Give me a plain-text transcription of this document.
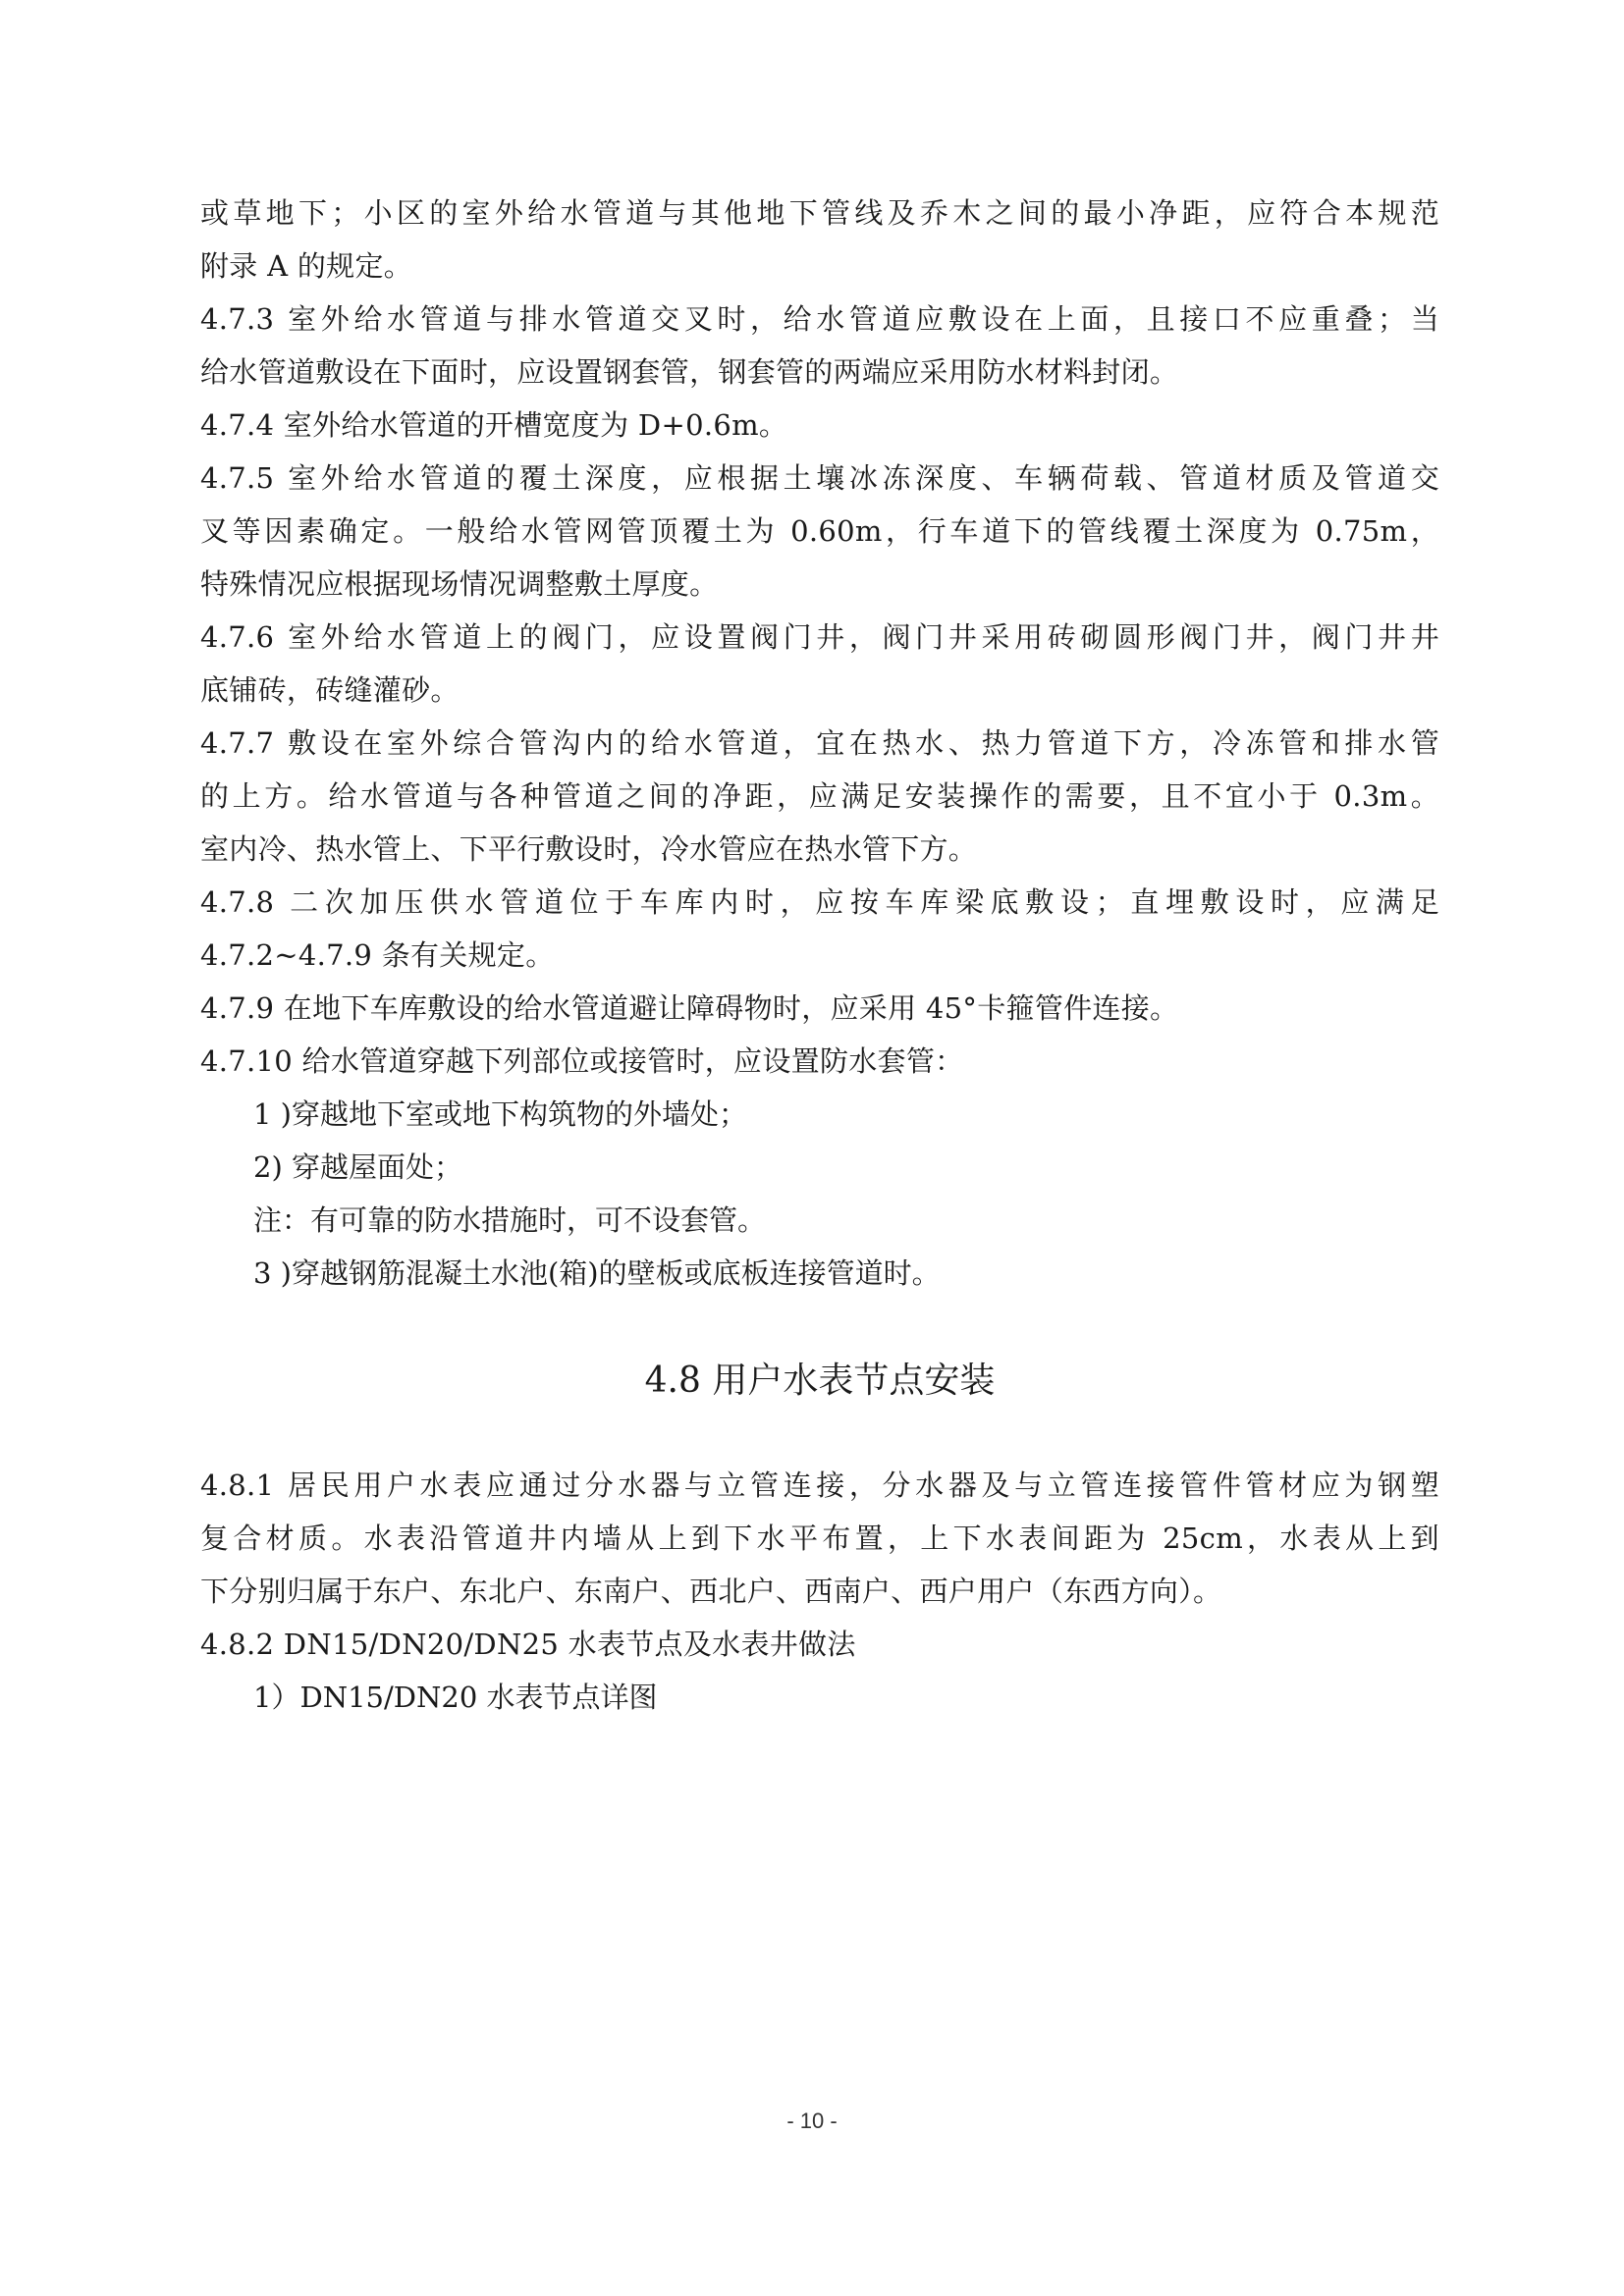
或草地下；小区的室外给水管道与其他地下管线及乔木之间的最小净距，应符合本规范
附录 A 的规定。
4.7.3 室外给水管道与排水管道交叉时，给水管道应敷设在上面，且接口不应重叠；当
给水管道敷设在下面时，应设置钢套管，钢套管的两端应采用防水材料封闭。
4.7.4 室外给水管道的开槽宽度为 D+0.6m。
4.7.5 室外给水管道的覆土深度，应根据土壤冰冻深度、车辆荷载、管道材质及管道交
叉等因素确定。一般给水管网管顶覆土为 0.60m，行车道下的管线覆土深度为 0.75m，
特殊情况应根据现场情况调整敷土厚度。
4.7.6 室外给水管道上的阀门，应设置阀门井，阀门井采用砖砌圆形阀门井，阀门井井
底铺砖，砖缝灌砂。
4.7.7 敷设在室外综合管沟内的给水管道，宜在热水、热力管道下方，冷冻管和排水管
的上方。给水管道与各种管道之间的净距，应满足安装操作的需要，且不宜小于 0.3m。
室内冷、热水管上、下平行敷设时，冷水管应在热水管下方。
4.7.8 二次加压供水管道位于车库内时，应按车库梁底敷设；直埋敷设时，应满足
4.7.2~4.7.9 条有关规定。
4.7.9 在地下车库敷设的给水管道避让障碍物时，应采用 45°卡箍管件连接。
4.7.10 给水管道穿越下列部位或接管时，应设置防水套管：
1 )穿越地下室或地下构筑物的外墙处；
2) 穿越屋面处；
注：有可靠的防水措施时，可不设套管。
3 )穿越钢筋混凝土水池(箱)的壁板或底板连接管道时。
4.8 用户水表节点安装
4.8.1 居民用户水表应通过分水器与立管连接，分水器及与立管连接管件管材应为钢塑
复合材质。水表沿管道井内墙从上到下水平布置，上下水表间距为 25cm，水表从上到
下分别归属于东户、东北户、东南户、西北户、西南户、西户用户（东西方向）。
4.8.2 DN15/DN20/DN25 水表节点及水表井做法
1）DN15/DN20 水表节点详图
- 10 -
